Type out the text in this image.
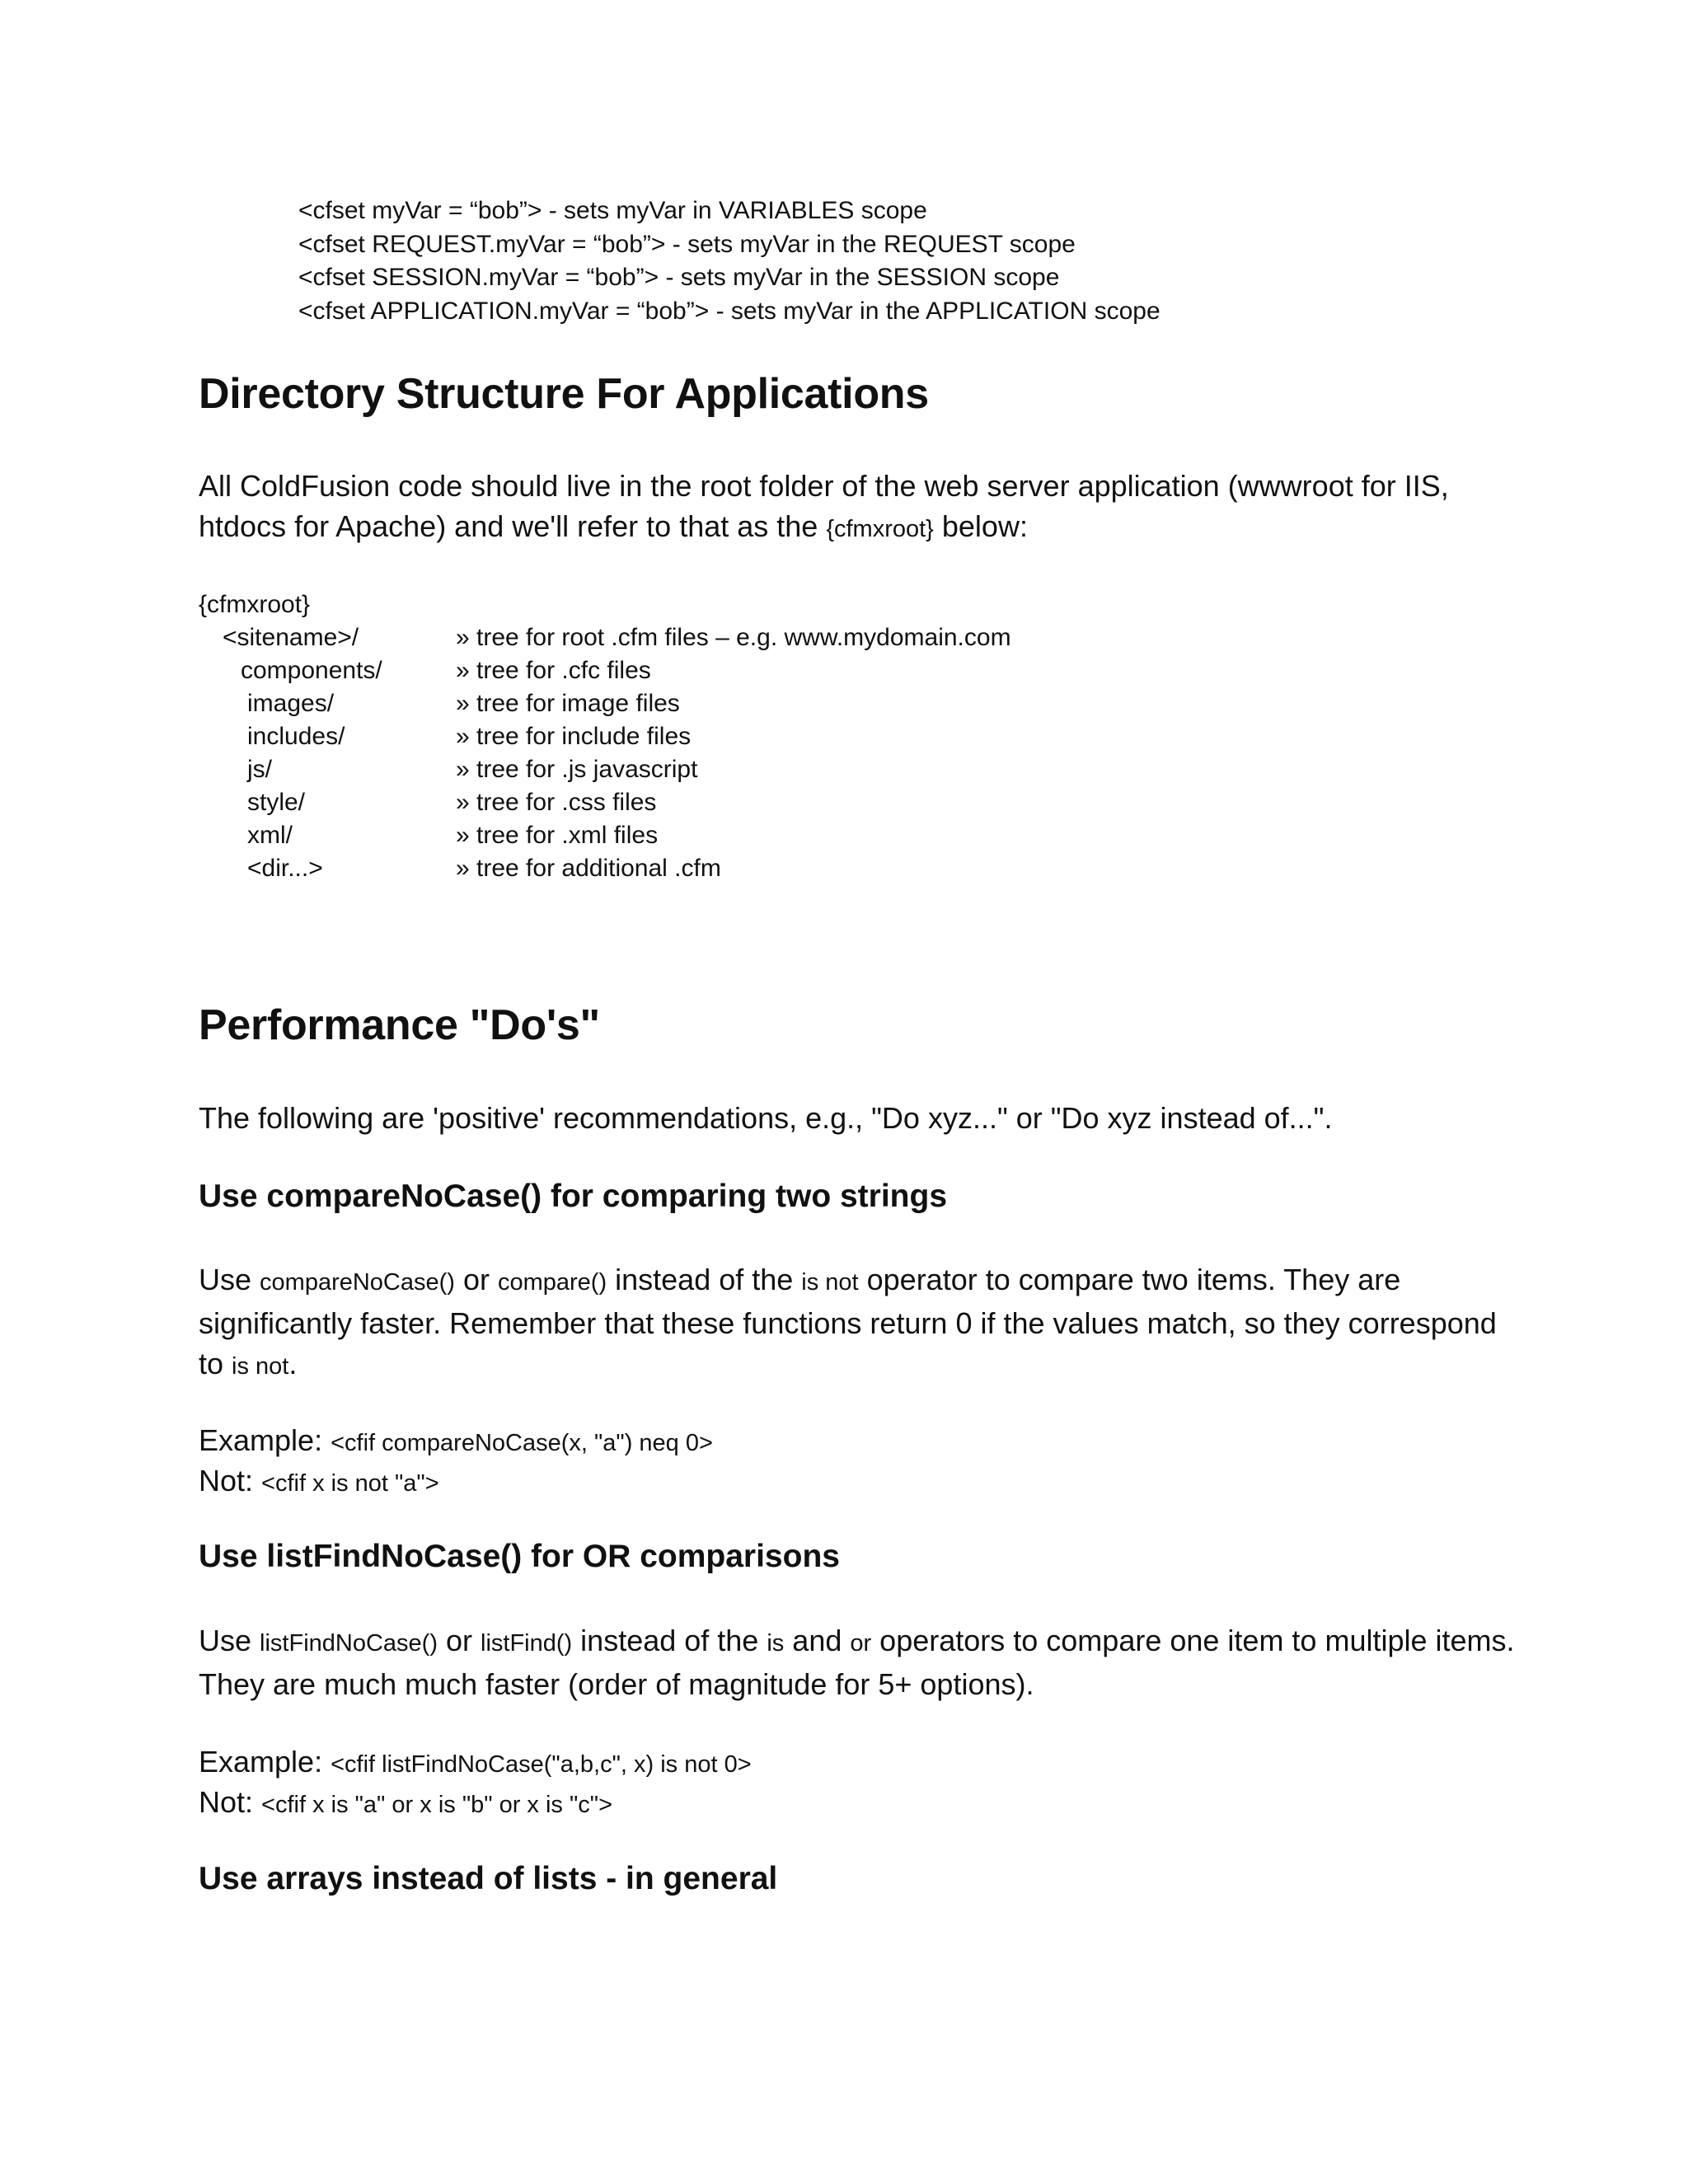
<cfset myVar = “bob”> - sets myVar in VARIABLES scope
<cfset REQUEST.myVar = “bob”> - sets myVar in the REQUEST scope
<cfset SESSION.myVar = “bob”> - sets myVar in the SESSION scope
<cfset APPLICATION.myVar = “bob”> - sets myVar in the APPLICATION scope
Directory Structure For Applications
All ColdFusion code should live in the root folder of the web server application (wwwroot for IIS, htdocs for Apache) and we'll refer to that as the {cfmxroot} below:
{cfmxroot}
<sitename>/	» tree for root .cfm files – e.g. www.mydomain.com
components/	» tree for .cfc files
images/	» tree for image files
includes/	» tree for include files
js/	» tree for .js javascript
style/	» tree for .css files
xml/	» tree for .xml files
<dir...>	» tree for additional .cfm
Performance "Do's"
The following are 'positive' recommendations, e.g., "Do xyz..." or "Do xyz instead of...".
Use compareNoCase() for comparing two strings
Use compareNoCase() or compare() instead of the is not operator to compare two items. They are significantly faster. Remember that these functions return 0 if the values match, so they correspond to is not.
Example: <cfif compareNoCase(x, "a") neq 0>
Not: <cfif x is not "a">
Use listFindNoCase() for OR comparisons
Use listFindNoCase() or listFind() instead of the is and or operators to compare one item to multiple items. They are much much faster (order of magnitude for 5+ options).
Example: <cfif listFindNoCase("a,b,c", x) is not 0>
Not: <cfif x is "a" or x is "b" or x is "c">
Use arrays instead of lists - in general
